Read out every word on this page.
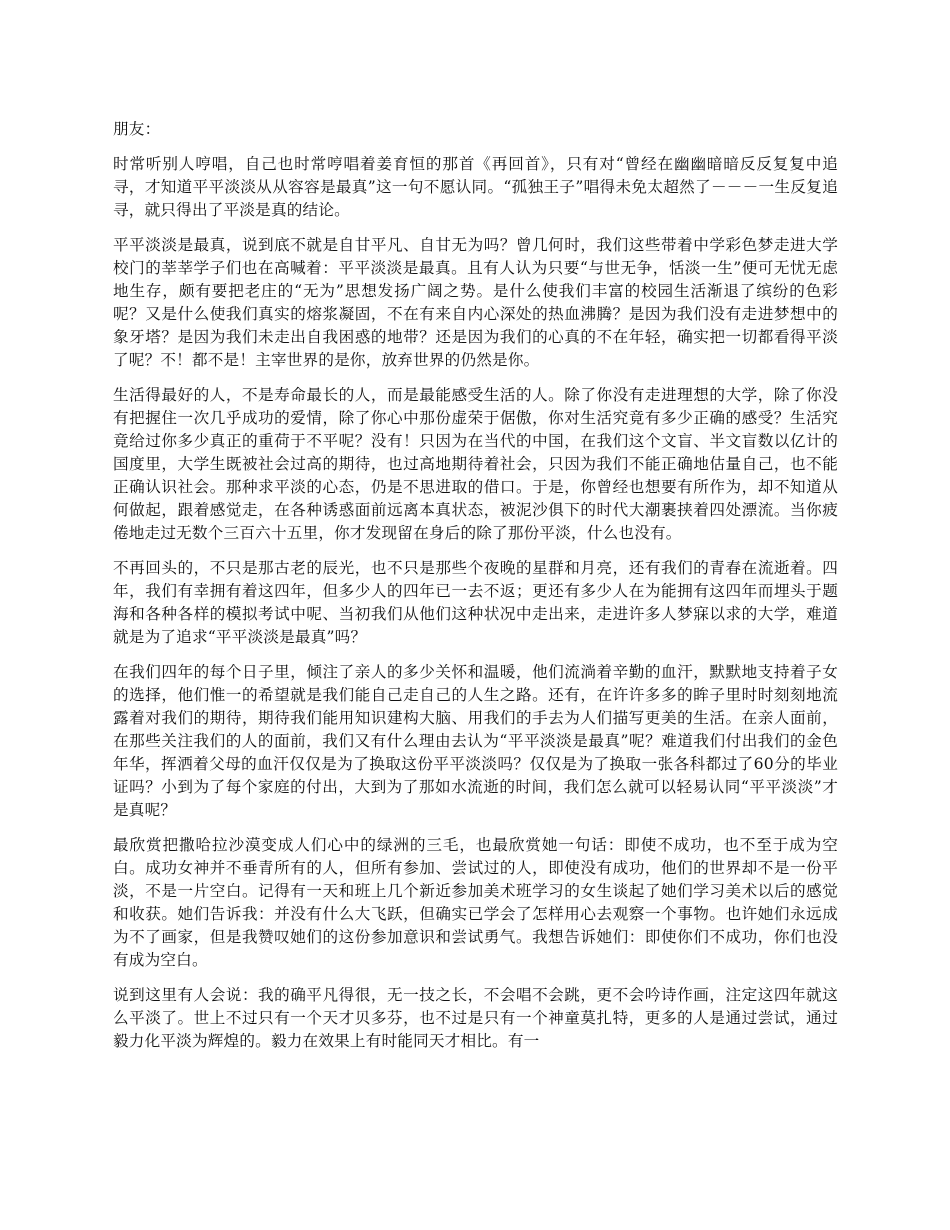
朋友：

时常听别人哼唱，自己也时常哼唱着姜育恒的那首《再回首》，只有对“曾经在幽幽暗暗反反复复中追寻，才知道平平淡淡从从容容是最真”这一句不愿认同。“孤独王子”唱得未免太超然了－－－一生反复追寻，就只得出了平淡是真的结论。

平平淡淡是最真，说到底不就是自甘平凡、自甘无为吗？曾几何时，我们这些带着中学彩色梦走进大学校门的莘莘学子们也在高喊着：平平淡淡是最真。且有人认为只要“与世无争，恬淡一生”便可无忧无虑地生存，颇有要把老庄的“无为”思想发扬广阔之势。是什么使我们丰富的校园生活渐退了缤纷的色彩呢？又是什么使我们真实的熔浆凝固，不在有来自内心深处的热血沸腾？是因为我们没有走进梦想中的象牙塔？是因为我们未走出自我困惑的地带？还是因为我们的心真的不在年轻，确实把一切都看得平淡了呢？不！都不是！主宰世界的是你，放弃世界的仍然是你。

生活得最好的人，不是寿命最长的人，而是最能感受生活的人。除了你没有走进理想的大学，除了你没有把握住一次几乎成功的爱情，除了你心中那份虚荣于倨傲，你对生活究竟有多少正确的感受？生活究竟给过你多少真正的重荷于不平呢？没有！只因为在当代的中国，在我们这个文盲、半文盲数以亿计的国度里，大学生既被社会过高的期待，也过高地期待着社会，只因为我们不能正确地估量自己，也不能正确认识社会。那种求平淡的心态，仍是不思进取的借口。于是，你曾经也想要有所作为，却不知道从何做起，跟着感觉走，在各种诱惑面前远离本真状态，被泥沙俱下的时代大潮裹挟着四处漂流。当你疲倦地走过无数个三百六十五里，你才发现留在身后的除了那份平淡，什么也没有。

不再回头的，不只是那古老的辰光，也不只是那些个夜晚的星群和月亮，还有我们的青春在流逝着。四年，我们有幸拥有着这四年，但多少人的四年已一去不返；更还有多少人在为能拥有这四年而埋头于题海和各种各样的模拟考试中呢、当初我们从他们这种状况中走出来，走进许多人梦寐以求的大学，难道就是为了追求“平平淡淡是最真”吗？

在我们四年的每个日子里，倾注了亲人的多少关怀和温暖，他们流淌着辛勤的血汗，默默地支持着子女的选择，他们惟一的希望就是我们能自己走自己的人生之路。还有，在许许多多的眸子里时时刻刻地流露着对我们的期待，期待我们能用知识建构大脑、用我们的手去为人们描写更美的生活。在亲人面前，在那些关注我们的人的面前，我们又有什么理由去认为“平平淡淡是最真”呢？难道我们付出我们的金色年华，挥洒着父母的血汗仅仅是为了换取这份平平淡淡吗？仅仅是为了换取一张各科都过了60分的毕业证吗？小到为了每个家庭的付出，大到为了那如水流逝的时间，我们怎么就可以轻易认同“平平淡淡”才是真呢？

最欣赏把撒哈拉沙漠变成人们心中的绿洲的三毛，也最欣赏她一句话：即使不成功，也不至于成为空白。成功女神并不垂青所有的人，但所有参加、尝试过的人，即使没有成功，他们的世界却不是一份平淡，不是一片空白。记得有一天和班上几个新近参加美术班学习的女生谈起了她们学习美术以后的感觉和收获。她们告诉我：并没有什么大飞跃，但确实已学会了怎样用心去观察一个事物。也许她们永远成为不了画家，但是我赞叹她们的这份参加意识和尝试勇气。我想告诉她们：即使你们不成功，你们也没有成为空白。

说到这里有人会说：我的确平凡得很，无一技之长，不会唱不会跳，更不会吟诗作画，注定这四年就这么平淡了。世上不过只有一个天才贝多芬，也不过是只有一个神童莫扎特，更多的人是通过尝试，通过毅力化平淡为辉煌的。毅力在效果上有时能同天才相比。有一
